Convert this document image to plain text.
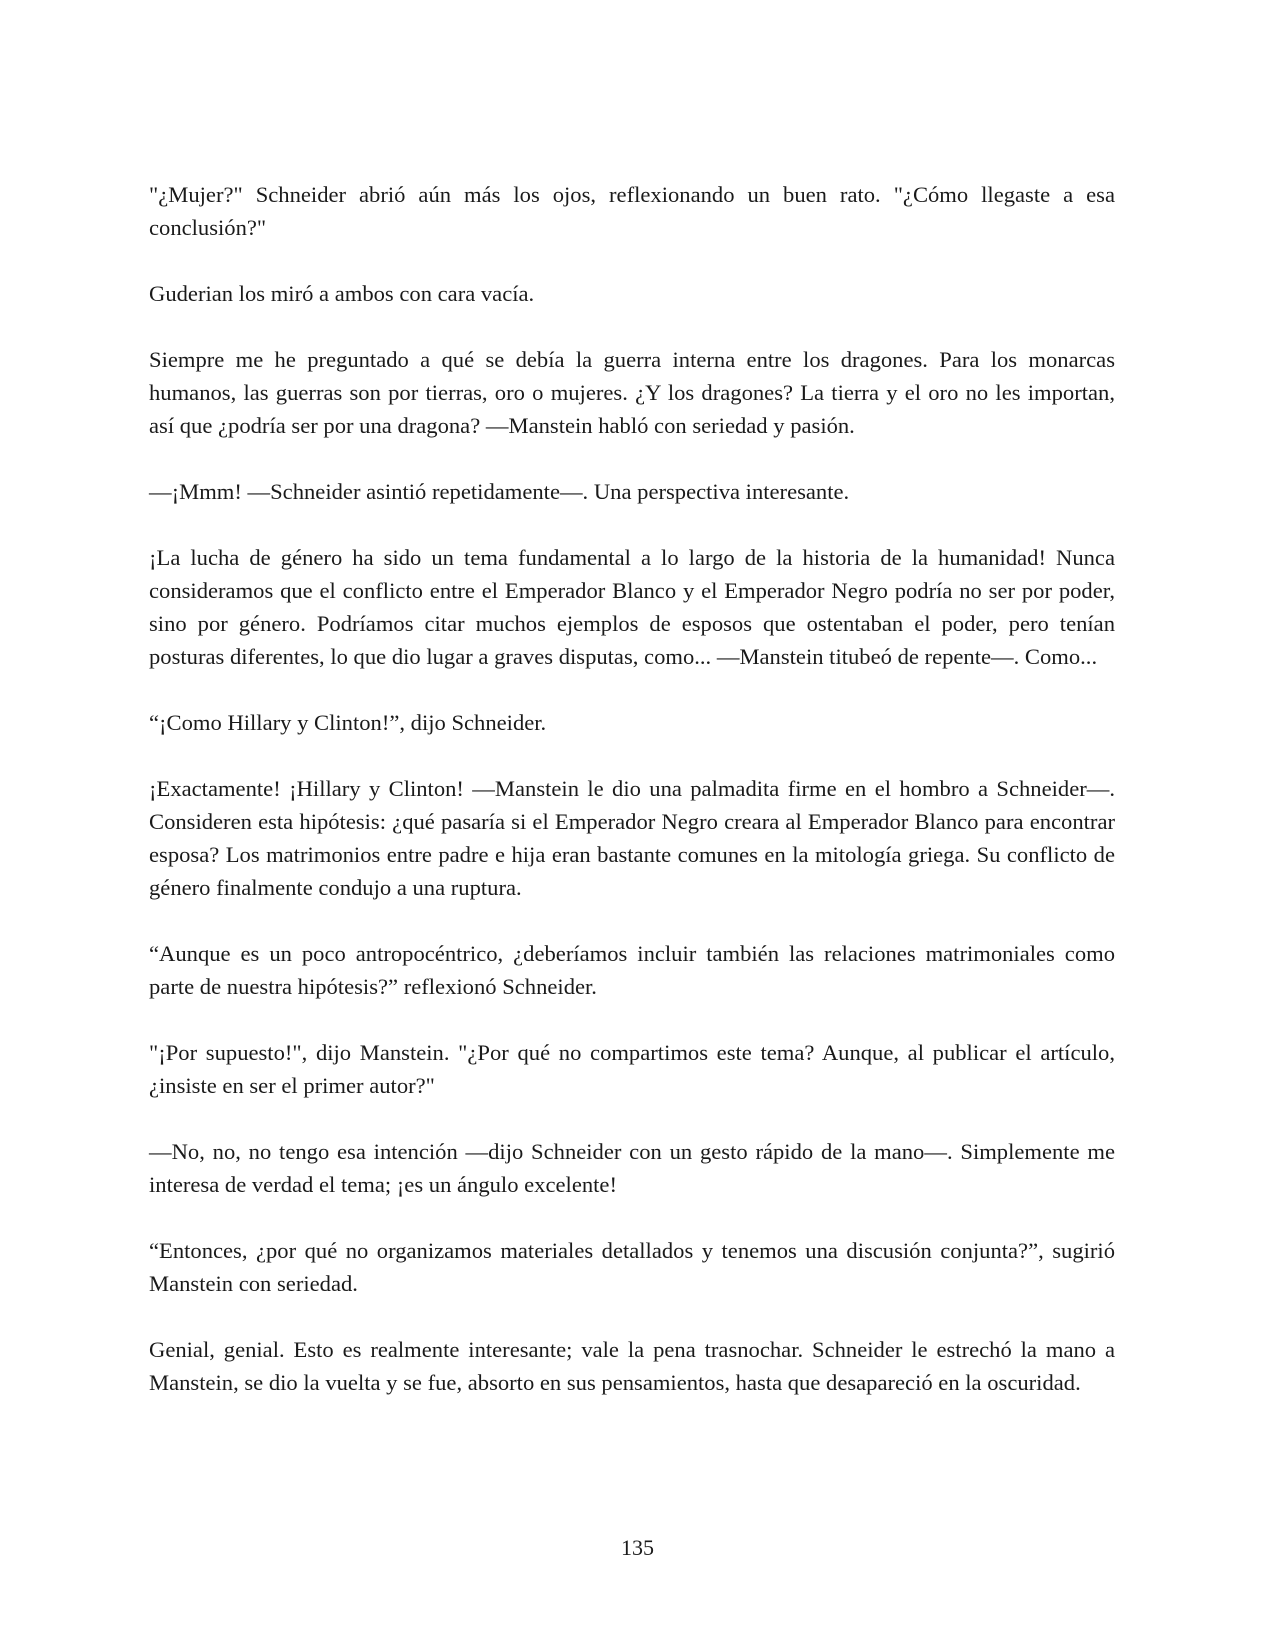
"¿Mujer?" Schneider abrió aún más los ojos, reflexionando un buen rato. "¿Cómo llegaste a esa conclusión?"

Guderian los miró a ambos con cara vacía.

Siempre me he preguntado a qué se debía la guerra interna entre los dragones. Para los monarcas humanos, las guerras son por tierras, oro o mujeres. ¿Y los dragones? La tierra y el oro no les importan, así que ¿podría ser por una dragona? —Manstein habló con seriedad y pasión.

—¡Mmm! —Schneider asintió repetidamente—. Una perspectiva interesante.

¡La lucha de género ha sido un tema fundamental a lo largo de la historia de la humanidad! Nunca consideramos que el conflicto entre el Emperador Blanco y el Emperador Negro podría no ser por poder, sino por género. Podríamos citar muchos ejemplos de esposos que ostentaban el poder, pero tenían posturas diferentes, lo que dio lugar a graves disputas, como... —Manstein titubeó de repente—. Como...

“¡Como Hillary y Clinton!”, dijo Schneider.

¡Exactamente! ¡Hillary y Clinton! —Manstein le dio una palmadita firme en el hombro a Schneider—. Consideren esta hipótesis: ¿qué pasaría si el Emperador Negro creara al Emperador Blanco para encontrar esposa? Los matrimonios entre padre e hija eran bastante comunes en la mitología griega. Su conflicto de género finalmente condujo a una ruptura.

“Aunque es un poco antropocéntrico, ¿deberíamos incluir también las relaciones matrimoniales como parte de nuestra hipótesis?” reflexionó Schneider.

"¡Por supuesto!", dijo Manstein. "¿Por qué no compartimos este tema? Aunque, al publicar el artículo, ¿insiste en ser el primer autor?"

—No, no, no tengo esa intención —dijo Schneider con un gesto rápido de la mano—. Simplemente me interesa de verdad el tema; ¡es un ángulo excelente!

“Entonces, ¿por qué no organizamos materiales detallados y tenemos una discusión conjunta?”, sugirió Manstein con seriedad.

Genial, genial. Esto es realmente interesante; vale la pena trasnochar. Schneider le estrechó la mano a Manstein, se dio la vuelta y se fue, absorto en sus pensamientos, hasta que desapareció en la oscuridad.

135
